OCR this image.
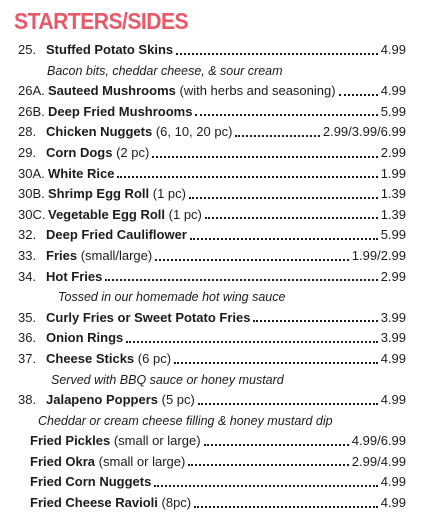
STARTERS/SIDES
25. Stuffed Potato Skins	4.99
Bacon bits, cheddar cheese, & sour cream
26A. Sauteed Mushrooms
(with herbs and seasoning)	4.99
26B. Deep Fried Mushrooms	5.99
28. Chicken Nuggets
(6, 10, 20 pc)	2.99/3.99/6.99
29. Corn Dogs
(2 pc)	2.99
30A. White Rice	1.99
30B. Shrimp Egg Roll
(1 pc)	1.39
30C. Vegetable Egg Roll
(1 pc)	1.39
32. Deep Fried Cauliflower	5.99
33. Fries
(small/large)	1.99/2.99
34. Hot Fries	2.99
Tossed in our homemade hot wing sauce
35. Curly Fries or Sweet Potato Fries	3.99
36. Onion Rings	3.99
37. Cheese Sticks
(6 pc)	4.99
Served with BBQ sauce or honey mustard
38. Jalapeno Poppers
(5 pc)	4.99
Cheddar or cream cheese filling & honey mustard dip
Fried Pickles
(small or large)	4.99/6.99
Fried Okra
(small or large)	2.99/4.99
Fried Corn Nuggets	4.99
Fried Cheese Ravioli
(8pc)	4.99
